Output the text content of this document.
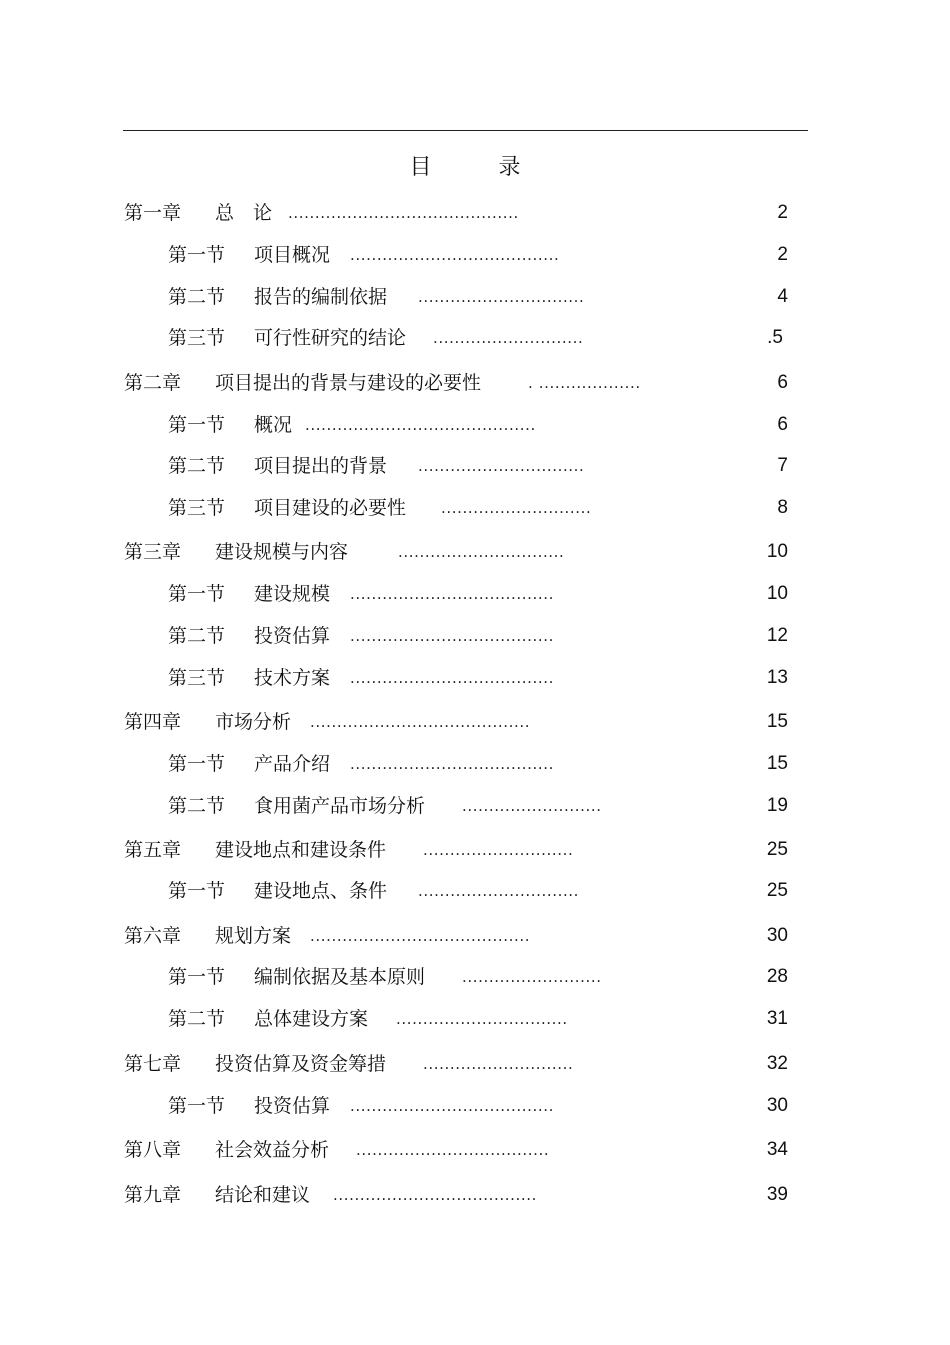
目 录
第一章 总　论 ...........................................	2
第一节 项目概况 .......................................	2
第二节 报告的编制依据 ...............................	4
第三节 可行性研究的结论 ............................	.5
第二章 项目提出的背景与建设的必要性	. ...................	6
第一节 概况 ...........................................	6
第二节 项目提出的背景 ...............................	7
第三节 项目建设的必要性 ............................	8
第三章 建设规模与内容	...............................	10
第一节 建设规模 ......................................	10
第二节 投资估算 ......................................	12
第三节 技术方案 ......................................	13
第四章 市场分析 .........................................	15
第一节 产品介绍 ......................................	15
第二节 食用菌产品市场分析 ..........................	19
第五章 建设地点和建设条件 ............................	25
第一节 建设地点、条件 ..............................	25
第六章 规划方案 .........................................	30
第一节 编制依据及基本原则 ..........................	28
第二节 总体建设方案 ................................	31
第七章 投资估算及资金筹措 ............................	32
第一节 投资估算 ......................................	30
第八章 社会效益分析 ....................................	34
第九章 结论和建议 ......................................	39
